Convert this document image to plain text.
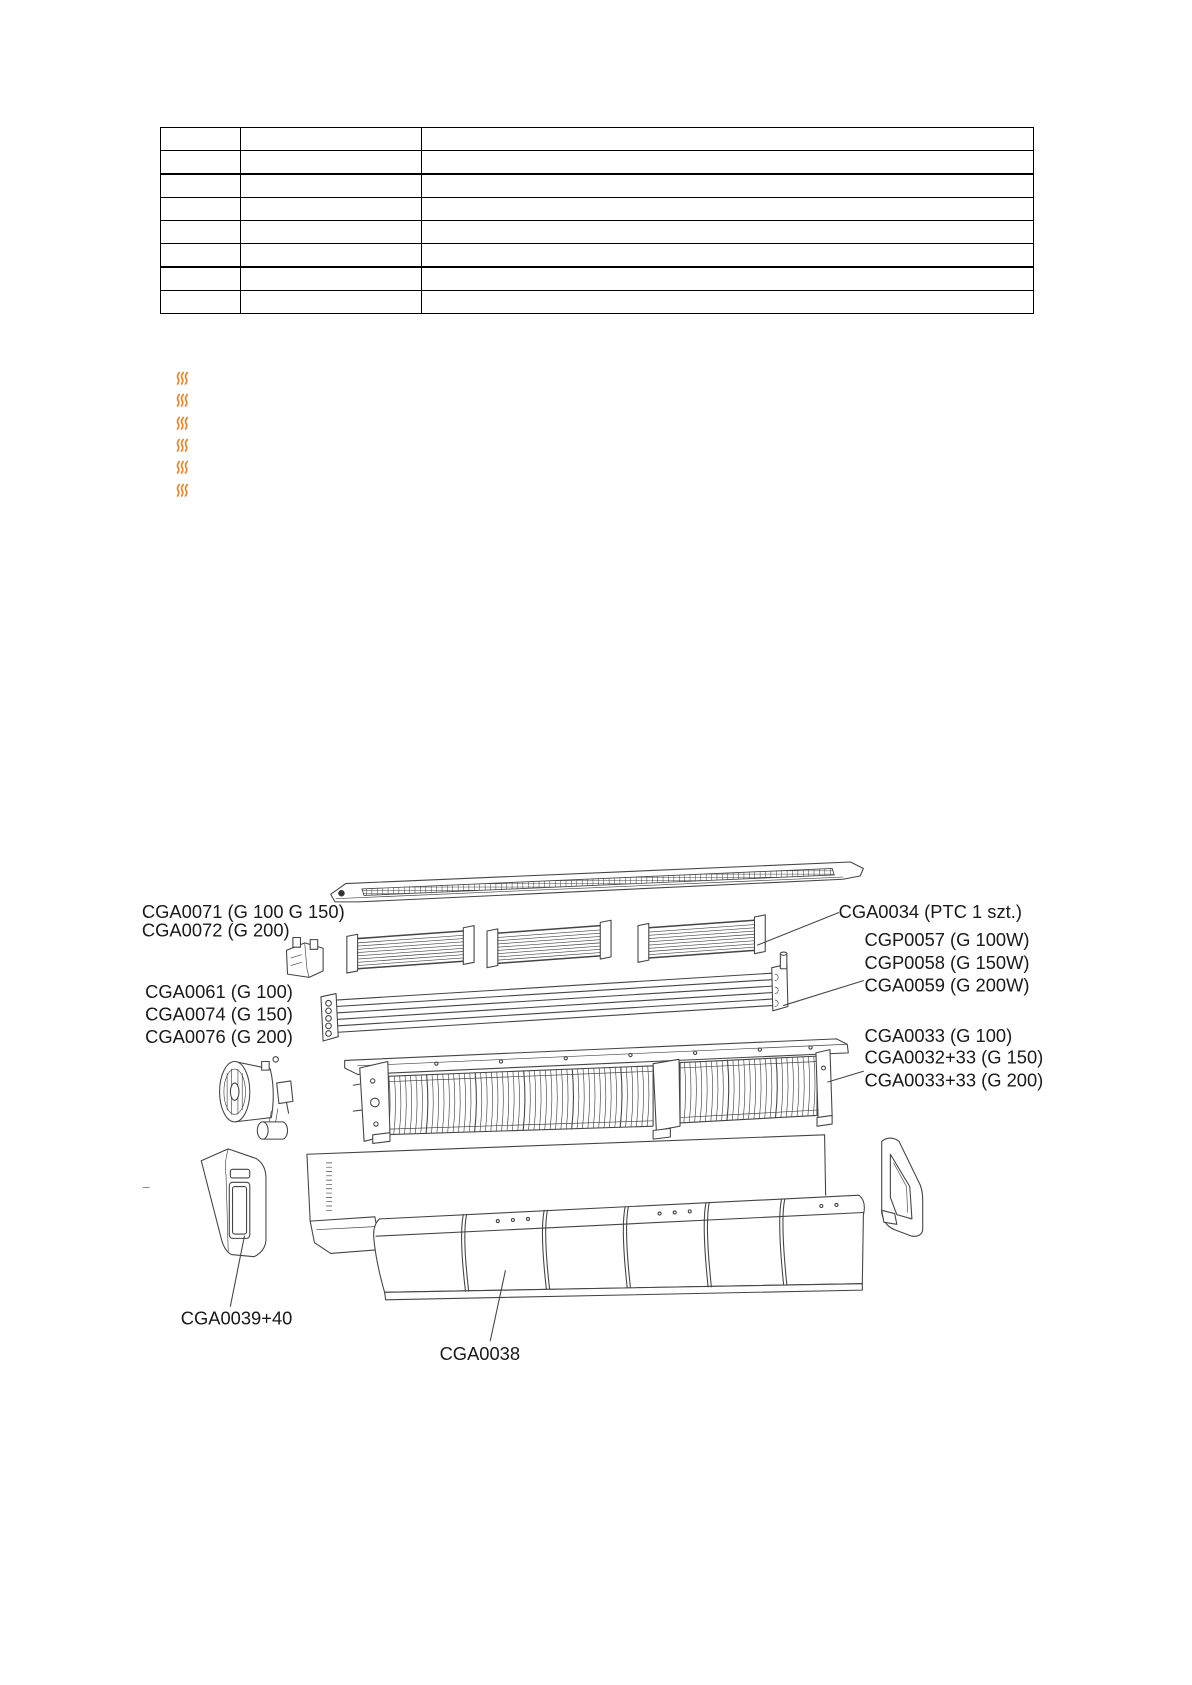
CGA0071 (G 100 G 150)
CGA0072 (G 200)
CGA0034 (PTC 1 szt.)
CGP0057 (G 100W)
CGP0058 (G 150W)
CGA0059 (G 200W)
CGA0061 (G 100)
CGA0074 (G 150)
CGA0076 (G 200)	CGA0033 (G 100)
CGA0032+33 (G 150)
CGA0033+33 (G 200)
CGA0039+40
CGA0038
